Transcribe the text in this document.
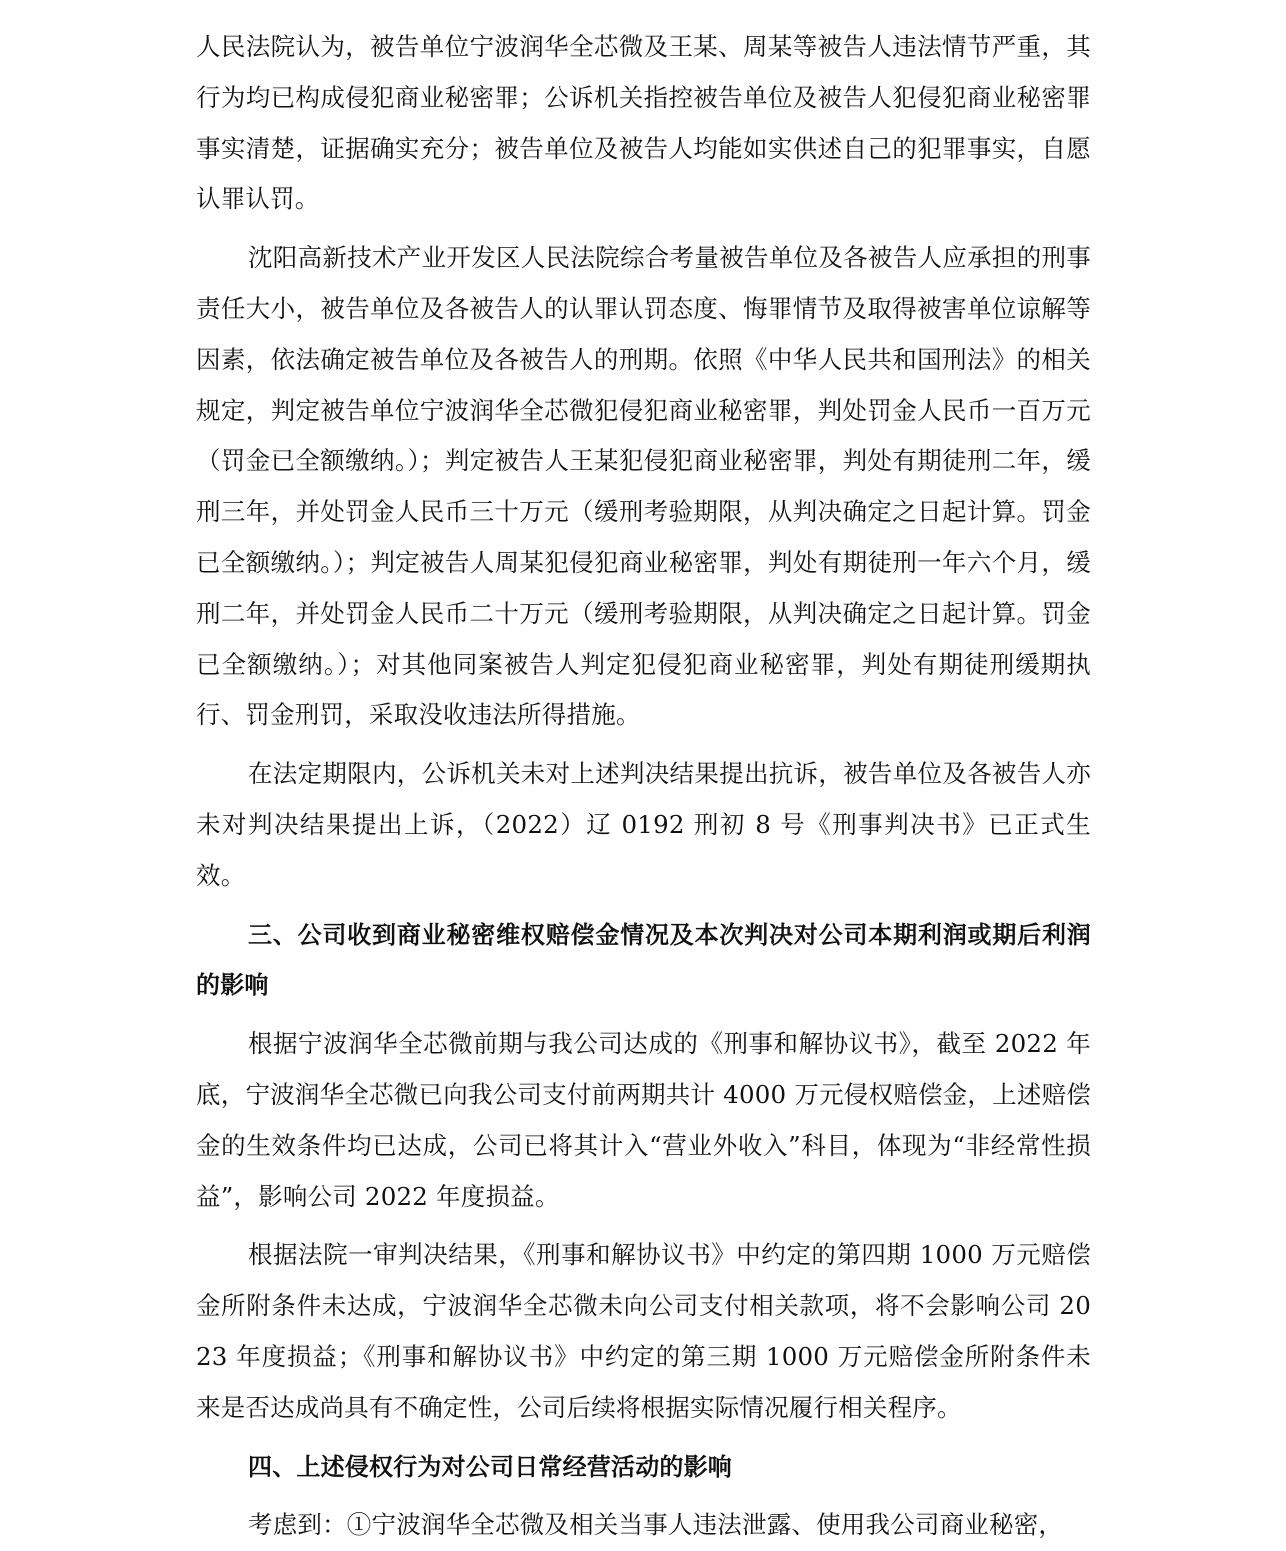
人民法院认为，被告单位宁波润华全芯微及王某、周某等被告人违法情节严重，其行为均已构成侵犯商业秘密罪；公诉机关指控被告单位及被告人犯侵犯商业秘密罪事实清楚，证据确实充分；被告单位及被告人均能如实供述自己的犯罪事实，自愿认罪认罚。

沈阳高新技术产业开发区人民法院综合考量被告单位及各被告人应承担的刑事责任大小，被告单位及各被告人的认罪认罚态度、悔罪情节及取得被害单位谅解等因素，依法确定被告单位及各被告人的刑期。依照《中华人民共和国刑法》的相关规定，判定被告单位宁波润华全芯微犯侵犯商业秘密罪，判处罚金人民币一百万元（罚金已全额缴纳。）；判定被告人王某犯侵犯商业秘密罪，判处有期徒刑二年，缓刑三年，并处罚金人民币三十万元（缓刑考验期限，从判决确定之日起计算。罚金已全额缴纳。）；判定被告人周某犯侵犯商业秘密罪，判处有期徒刑一年六个月，缓刑二年，并处罚金人民币二十万元（缓刑考验期限，从判决确定之日起计算。罚金已全额缴纳。）；对其他同案被告人判定犯侵犯商业秘密罪，判处有期徒刑缓期执行、罚金刑罚，采取没收违法所得措施。

在法定期限内，公诉机关未对上述判决结果提出抗诉，被告单位及各被告人亦未对判决结果提出上诉，（2022）辽 0192 刑初 8 号《刑事判决书》已正式生效。

三、公司收到商业秘密维权赔偿金情况及本次判决对公司本期利润或期后利润的影响

根据宁波润华全芯微前期与我公司达成的《刑事和解协议书》，截至 2022 年底，宁波润华全芯微已向我公司支付前两期共计 4000 万元侵权赔偿金，上述赔偿金的生效条件均已达成，公司已将其计入“营业外收入”科目，体现为“非经常性损益”，影响公司 2022 年度损益。

根据法院一审判决结果，《刑事和解协议书》中约定的第四期 1000 万元赔偿金所附条件未达成，宁波润华全芯微未向公司支付相关款项，将不会影响公司 2023 年度损益；《刑事和解协议书》中约定的第三期 1000 万元赔偿金所附条件未来是否达成尚具有不确定性，公司后续将根据实际情况履行相关程序。

四、上述侵权行为对公司日常经营活动的影响

考虑到：①宁波润华全芯微及相关当事人违法泄露、使用我公司商业秘密，
